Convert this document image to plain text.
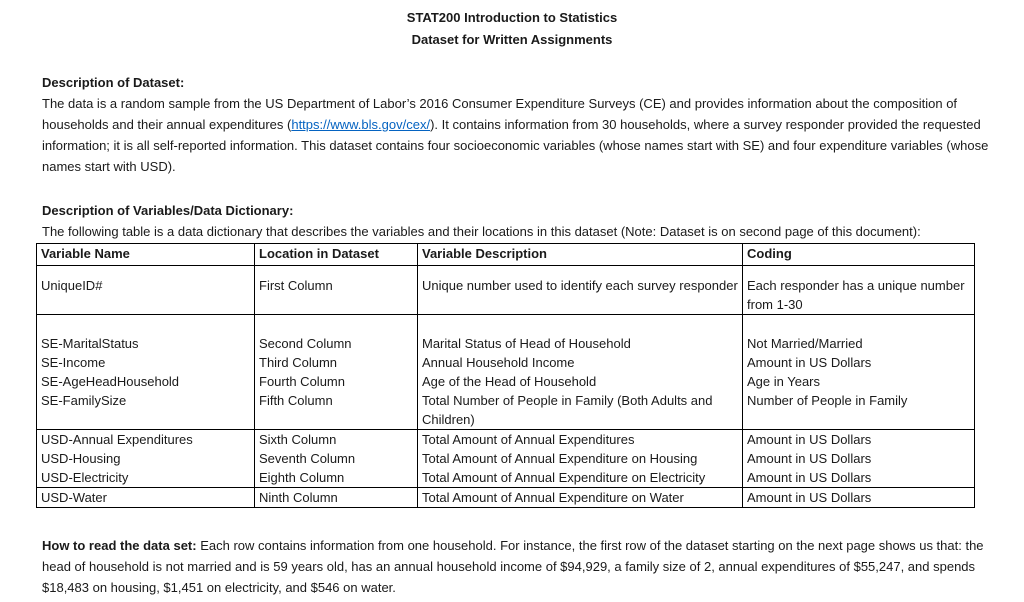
STAT200 Introduction to Statistics
Dataset for Written Assignments
Description of Dataset:
The data is a random sample from the US Department of Labor’s 2016 Consumer Expenditure Surveys (CE) and provides information about the composition of households and their annual expenditures (https://www.bls.gov/cex/). It contains information from 30 households, where a survey responder provided the requested information; it is all self-reported information. This dataset contains four socioeconomic variables (whose names start with SE) and four expenditure variables (whose names start with USD).
Description of Variables/Data Dictionary:
The following table is a data dictionary that describes the variables and their locations in this dataset (Note: Dataset is on second page of this document):
Variable Name	Location in Dataset	Variable Description	Coding
UniqueID#	First Column	Unique number used to identify each survey responder	Each responder has a unique number from 1-30
SE-MaritalStatus	Second Column	Marital Status of Head of Household	Not Married/Married
SE-Income	Third Column	Annual Household Income	Amount in US Dollars
SE-AgeHeadHousehold	Fourth Column	Age of the Head of Household	Age in Years
SE-FamilySize	Fifth Column	Total Number of People in Family (Both Adults and Children)	Number of People in Family
USD-Annual Expenditures	Sixth Column	Total Amount of Annual Expenditures	Amount in US Dollars
USD-Housing	Seventh Column	Total Amount of Annual Expenditure on Housing	Amount in US Dollars
USD-Electricity	Eighth Column	Total Amount of Annual Expenditure on Electricity	Amount in US Dollars
USD-Water	Ninth Column	Total Amount of Annual Expenditure on Water	Amount in US Dollars
How to read the data set: Each row contains information from one household. For instance, the first row of the dataset starting on the next page shows us that: the head of household is not married and is 59 years old, has an annual household income of $94,929, a family size of 2, annual expenditures of $55,247, and spends $18,483 on housing, $1,451 on electricity, and $546 on water.
